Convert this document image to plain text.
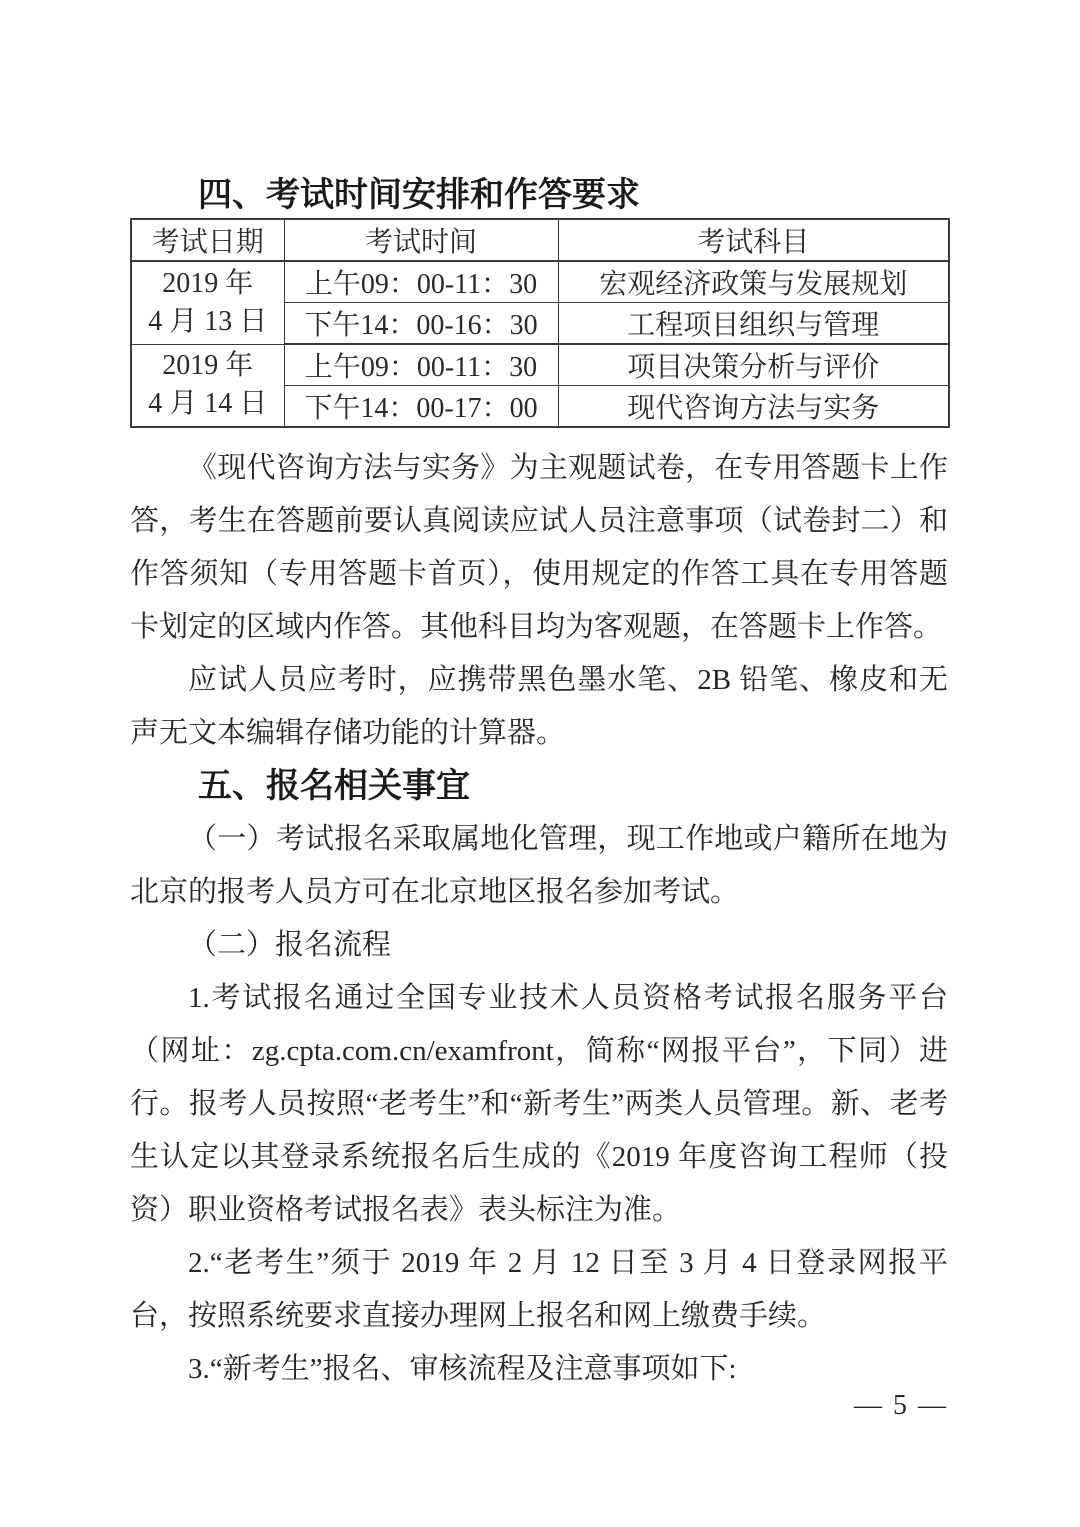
四、考试时间安排和作答要求
考试日期	考试时间	考试科目

2019 年
4 月 13 日	上午09：00-11：30	宏观经济政策与发展规划
	下午14：00-16：30	工程项目组织与管理

2019 年
4 月 14 日	上午09：00-11：30	项目决策分析与评价
	下午14：00-17：00	现代咨询方法与实务

《现代咨询方法与实务》为主观题试卷，在专用答题卡上作答，考生在答题前要认真阅读应试人员注意事项（试卷封二）和作答须知（专用答题卡首页），使用规定的作答工具在专用答题卡划定的区域内作答。其他科目均为客观题，在答题卡上作答。

应试人员应考时，应携带黑色墨水笔、2B 铅笔、橡皮和无声无文本编辑存储功能的计算器。

五、报名相关事宜

（一）考试报名采取属地化管理，现工作地或户籍所在地为北京的报考人员方可在北京地区报名参加考试。

（二）报名流程

1.考试报名通过全国专业技术人员资格考试报名服务平台（网址：zg.cpta.com.cn/examfront，简称“网报平台”，下同）进行。报考人员按照“老考生”和“新考生”两类人员管理。新、老考生认定以其登录系统报名后生成的《2019 年度咨询工程师（投资）职业资格考试报名表》表头标注为准。

2.“老考生”须于 2019 年 2 月 12 日至 3 月 4 日登录网报平台，按照系统要求直接办理网上报名和网上缴费手续。

3.“新考生”报名、审核流程及注意事项如下:

— 5 —
